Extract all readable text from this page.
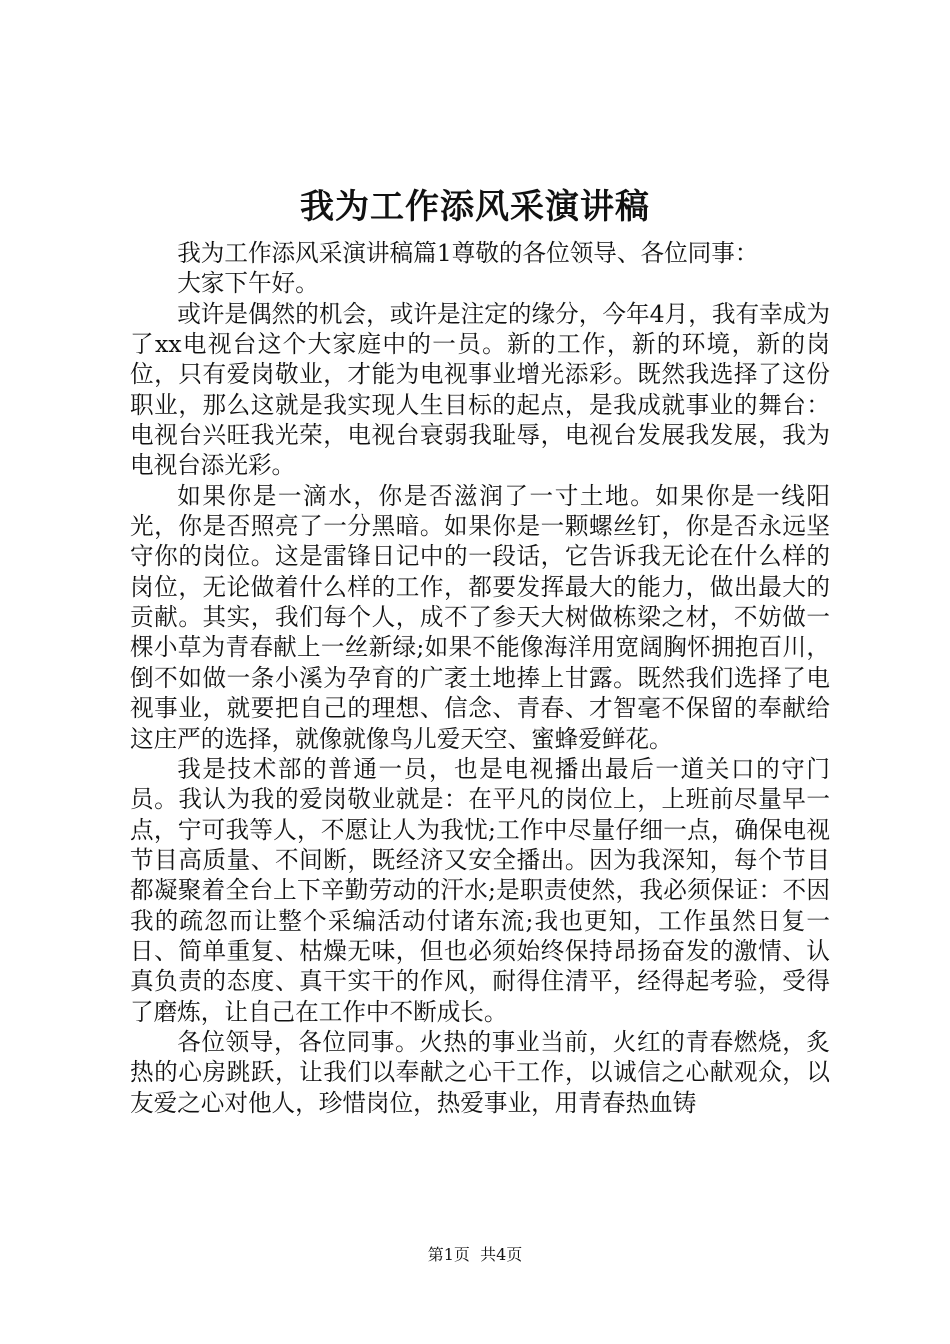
我为工作添风采演讲稿

我为工作添风采演讲稿篇1尊敬的各位领导、各位同事：

大家下午好。

或许是偶然的机会，或许是注定的缘分，今年4月，我有幸成为了xx电视台这个大家庭中的一员。新的工作，新的环境，新的岗位，只有爱岗敬业，才能为电视事业增光添彩。既然我选择了这份职业，那么这就是我实现人生目标的起点，是我成就事业的舞台：电视台兴旺我光荣，电视台衰弱我耻辱，电视台发展我发展，我为电视台添光彩。

如果你是一滴水，你是否滋润了一寸土地。如果你是一线阳光，你是否照亮了一分黑暗。如果你是一颗螺丝钉，你是否永远坚守你的岗位。这是雷锋日记中的一段话，它告诉我无论在什么样的岗位，无论做着什么样的工作，都要发挥最大的能力，做出最大的贡献。其实，我们每个人，成不了参天大树做栋梁之材，不妨做一棵小草为青春献上一丝新绿;如果不能像海洋用宽阔胸怀拥抱百川，倒不如做一条小溪为孕育的广袤土地捧上甘露。既然我们选择了电视事业，就要把自己的理想、信念、青春、才智毫不保留的奉献给这庄严的选择，就像就像鸟儿爱天空、蜜蜂爱鲜花。

我是技术部的普通一员，也是电视播出最后一道关口的守门员。我认为我的爱岗敬业就是：在平凡的岗位上，上班前尽量早一点，宁可我等人，不愿让人为我忧;工作中尽量仔细一点，确保电视节目高质量、不间断，既经济又安全播出。因为我深知，每个节目都凝聚着全台上下辛勤劳动的汗水;是职责使然，我必须保证：不因我的疏忽而让整个采编活动付诸东流;我也更知，工作虽然日复一日、简单重复、枯燥无味，但也必须始终保持昂扬奋发的激情、认真负责的态度、真干实干的作风，耐得住清平，经得起考验，受得了磨炼，让自己在工作中不断成长。

各位领导，各位同事。火热的事业当前，火红的青春燃烧，炙热的心房跳跃，让我们以奉献之心干工作，以诚信之心献观众，以友爱之心对他人，珍惜岗位，热爱事业，用青春热血铸

第1页  共4页
